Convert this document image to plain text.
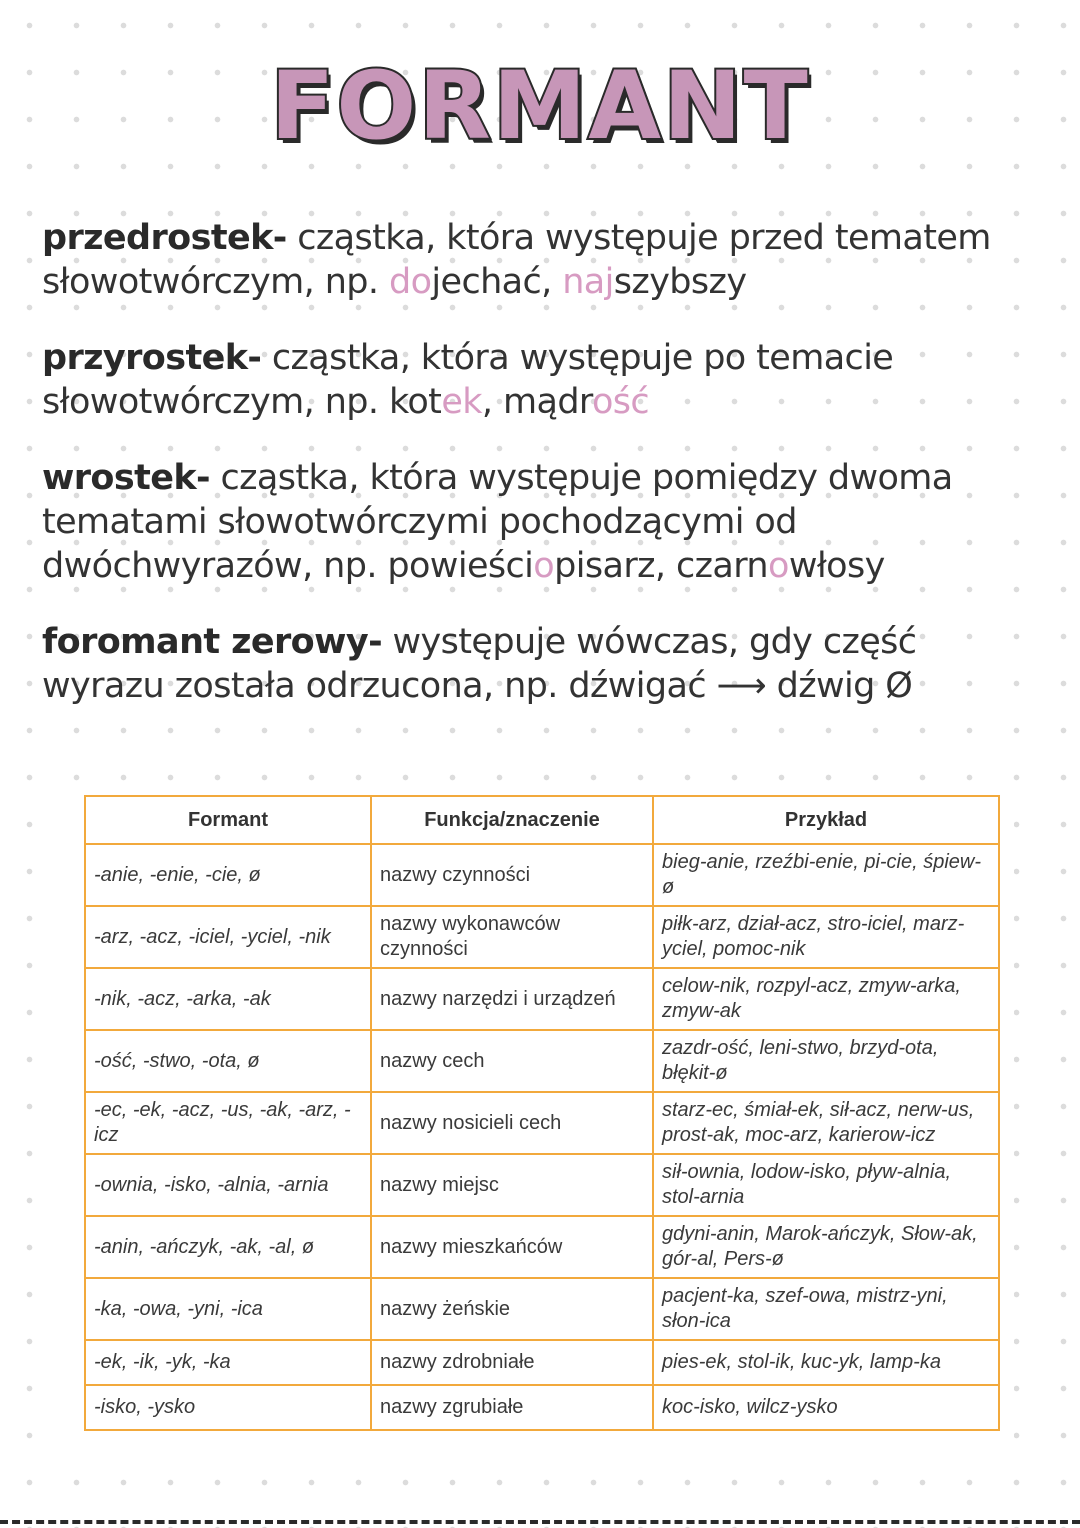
FORMANT
przedrostek- cząstka, która występuje przed tematem słowotwórczym, np. dojechać, najszybszy
przyrostek- cząstka, która występuje po temacie słowotwórczym, np. kotek, mądrość
wrostek- cząstka, która występuje pomiędzy dwoma tematami słowotwórczymi pochodzącymi od dwóchwyrazów, np. powieściopisarz, czarnowłosy
foromant zerowy- występuje wówczas, gdy część wyrazu została odrzucona, np. dźwigać ⟶ dźwig Ø
Formant	Funkcja/znaczenie	Przykład
-anie, -enie, -cie, ø	nazwy czynności	bieg-anie, rzeźbi-enie, pi-cie, śpiew-ø
-arz, -acz, -iciel, -yciel, -nik	nazwy wykonawców czynności	piłk-arz, dział-acz, stro-iciel, marz-yciel, pomoc-nik
-nik, -acz, -arka, -ak	nazwy narzędzi i urządzeń	celow-nik, rozpyl-acz, zmyw-arka, zmyw-ak
-ość, -stwo, -ota, ø	nazwy cech	zazdr-ość, leni-stwo, brzyd-ota, błękit-ø
-ec, -ek, -acz, -us, -ak, -arz, -icz	nazwy nosicieli cech	starz-ec, śmiał-ek, sił-acz, nerw-us, prost-ak, moc-arz, karierow-icz
-ownia, -isko, -alnia, -arnia	nazwy miejsc	sił-ownia, lodow-isko, pływ-alnia, stol-arnia
-anin, -ańczyk, -ak, -al, ø	nazwy mieszkańców	gdyni-anin, Marok-ańczyk, Słow-ak, gór-al, Pers-ø
-ka, -owa, -yni, -ica	nazwy żeńskie	pacjent-ka, szef-owa, mistrz-yni, słon-ica
-ek, -ik, -yk, -ka	nazwy zdrobniałe	pies-ek, stol-ik, kuc-yk, lamp-ka
-isko, -ysko	nazwy zgrubiałe	koc-isko, wilcz-ysko
